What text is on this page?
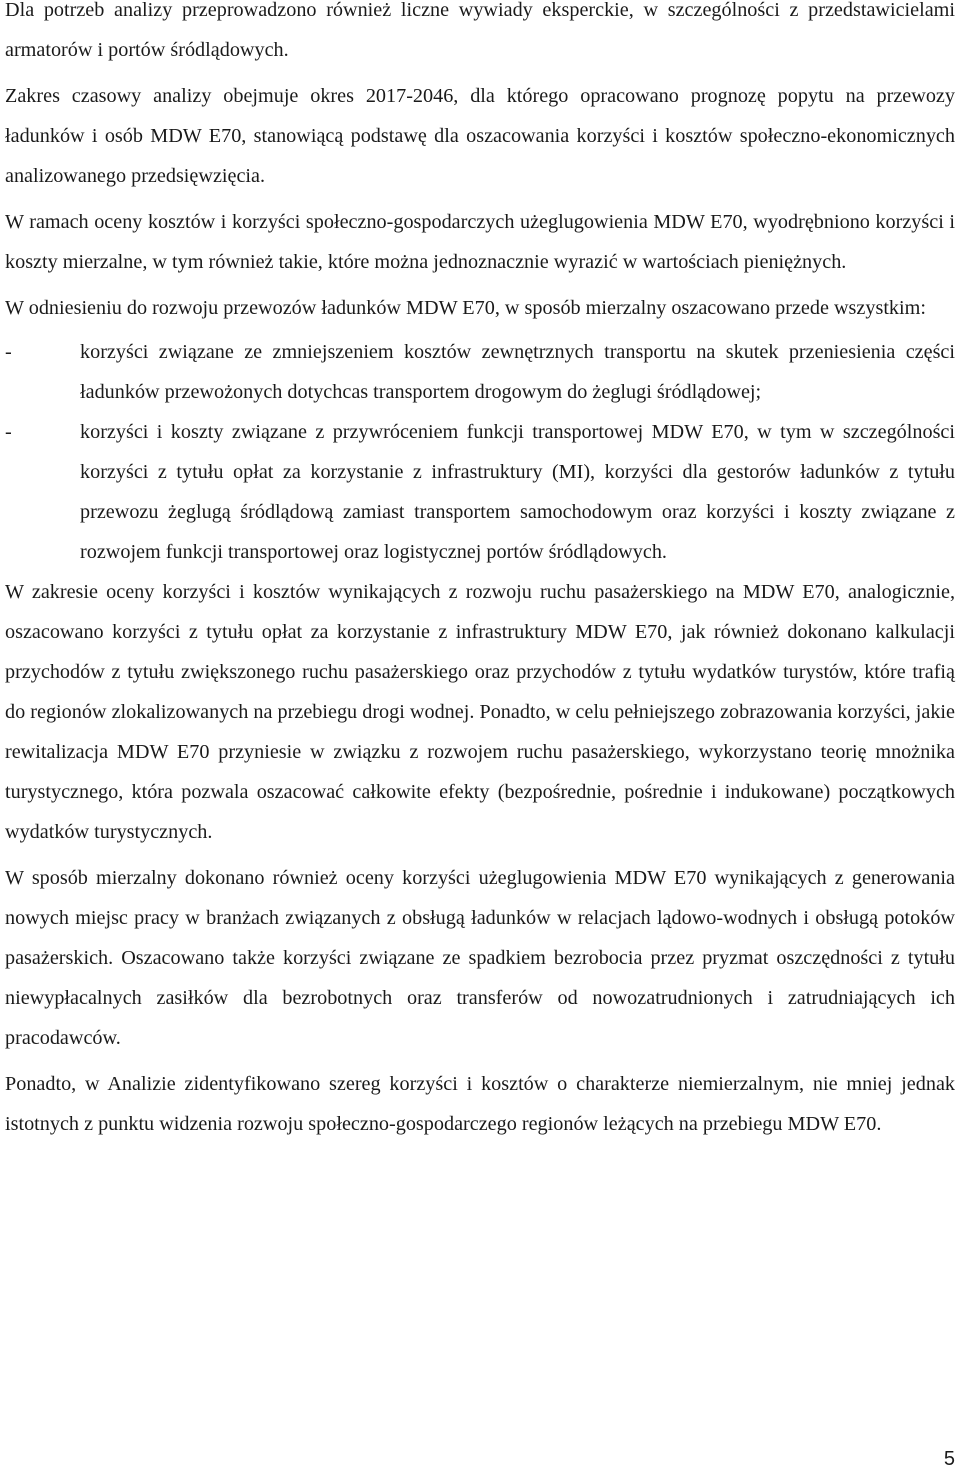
Dla potrzeb analizy przeprowadzono również liczne wywiady eksperckie, w szczególności z przedstawicielami armatorów i portów śródlądowych.

Zakres czasowy analizy obejmuje okres 2017-2046, dla którego opracowano prognozę popytu na przewozy ładunków i osób MDW E70, stanowiącą podstawę dla oszacowania korzyści i kosztów społeczno-ekonomicznych analizowanego przedsięwzięcia.

W ramach oceny kosztów i korzyści społeczno-gospodarczych użeglugowienia MDW E70, wyodrębniono korzyści i koszty mierzalne, w tym również takie, które można jednoznacznie wyrazić w wartościach pieniężnych.

W odniesieniu do rozwoju przewozów ładunków MDW E70, w sposób mierzalny oszacowano przede wszystkim:

-	korzyści związane ze zmniejszeniem kosztów zewnętrznych transportu na skutek przeniesienia części ładunków przewożonych dotychcas transportem drogowym do żeglugi śródlądowej;
-	korzyści i koszty związane z przywróceniem funkcji transportowej MDW E70, w tym w szczególności korzyści z tytułu opłat za korzystanie z infrastruktury (MI), korzyści dla gestorów ładunków z tytułu przewozu żeglugą śródlądową zamiast transportem samochodowym oraz korzyści i koszty związane z rozwojem funkcji transportowej oraz logistycznej portów śródlądowych.

W zakresie oceny korzyści i kosztów wynikających z rozwoju ruchu pasażerskiego na MDW E70, analogicznie, oszacowano korzyści z tytułu opłat za korzystanie z infrastruktury MDW E70, jak również dokonano kalkulacji przychodów z tytułu zwiększonego ruchu pasażerskiego oraz przychodów z tytułu wydatków turystów, które trafią do regionów zlokalizowanych na przebiegu drogi wodnej. Ponadto, w celu pełniejszego zobrazowania korzyści, jakie rewitalizacja MDW E70 przyniesie w związku z rozwojem ruchu pasażerskiego, wykorzystano teorię mnożnika turystycznego, która pozwala oszacować całkowite efekty (bezpośrednie, pośrednie i indukowane) początkowych wydatków turystycznych.

W sposób mierzalny dokonano również oceny korzyści użeglugowienia MDW E70 wynikających z generowania nowych miejsc pracy w branżach związanych z obsługą ładunków w relacjach lądowo-wodnych i obsługą potoków pasażerskich. Oszacowano także korzyści związane ze spadkiem bezrobocia przez pryzmat oszczędności z tytułu niewypłacalnych zasiłków dla bezrobotnych oraz transferów od nowozatrudnionych i zatrudniających ich pracodawców.

Ponadto, w Analizie zidentyfikowano szereg korzyści i kosztów o charakterze niemierzalnym, nie mniej jednak istotnych z punktu widzenia rozwoju społeczno-gospodarczego regionów leżących na przebiegu MDW E70.

5
